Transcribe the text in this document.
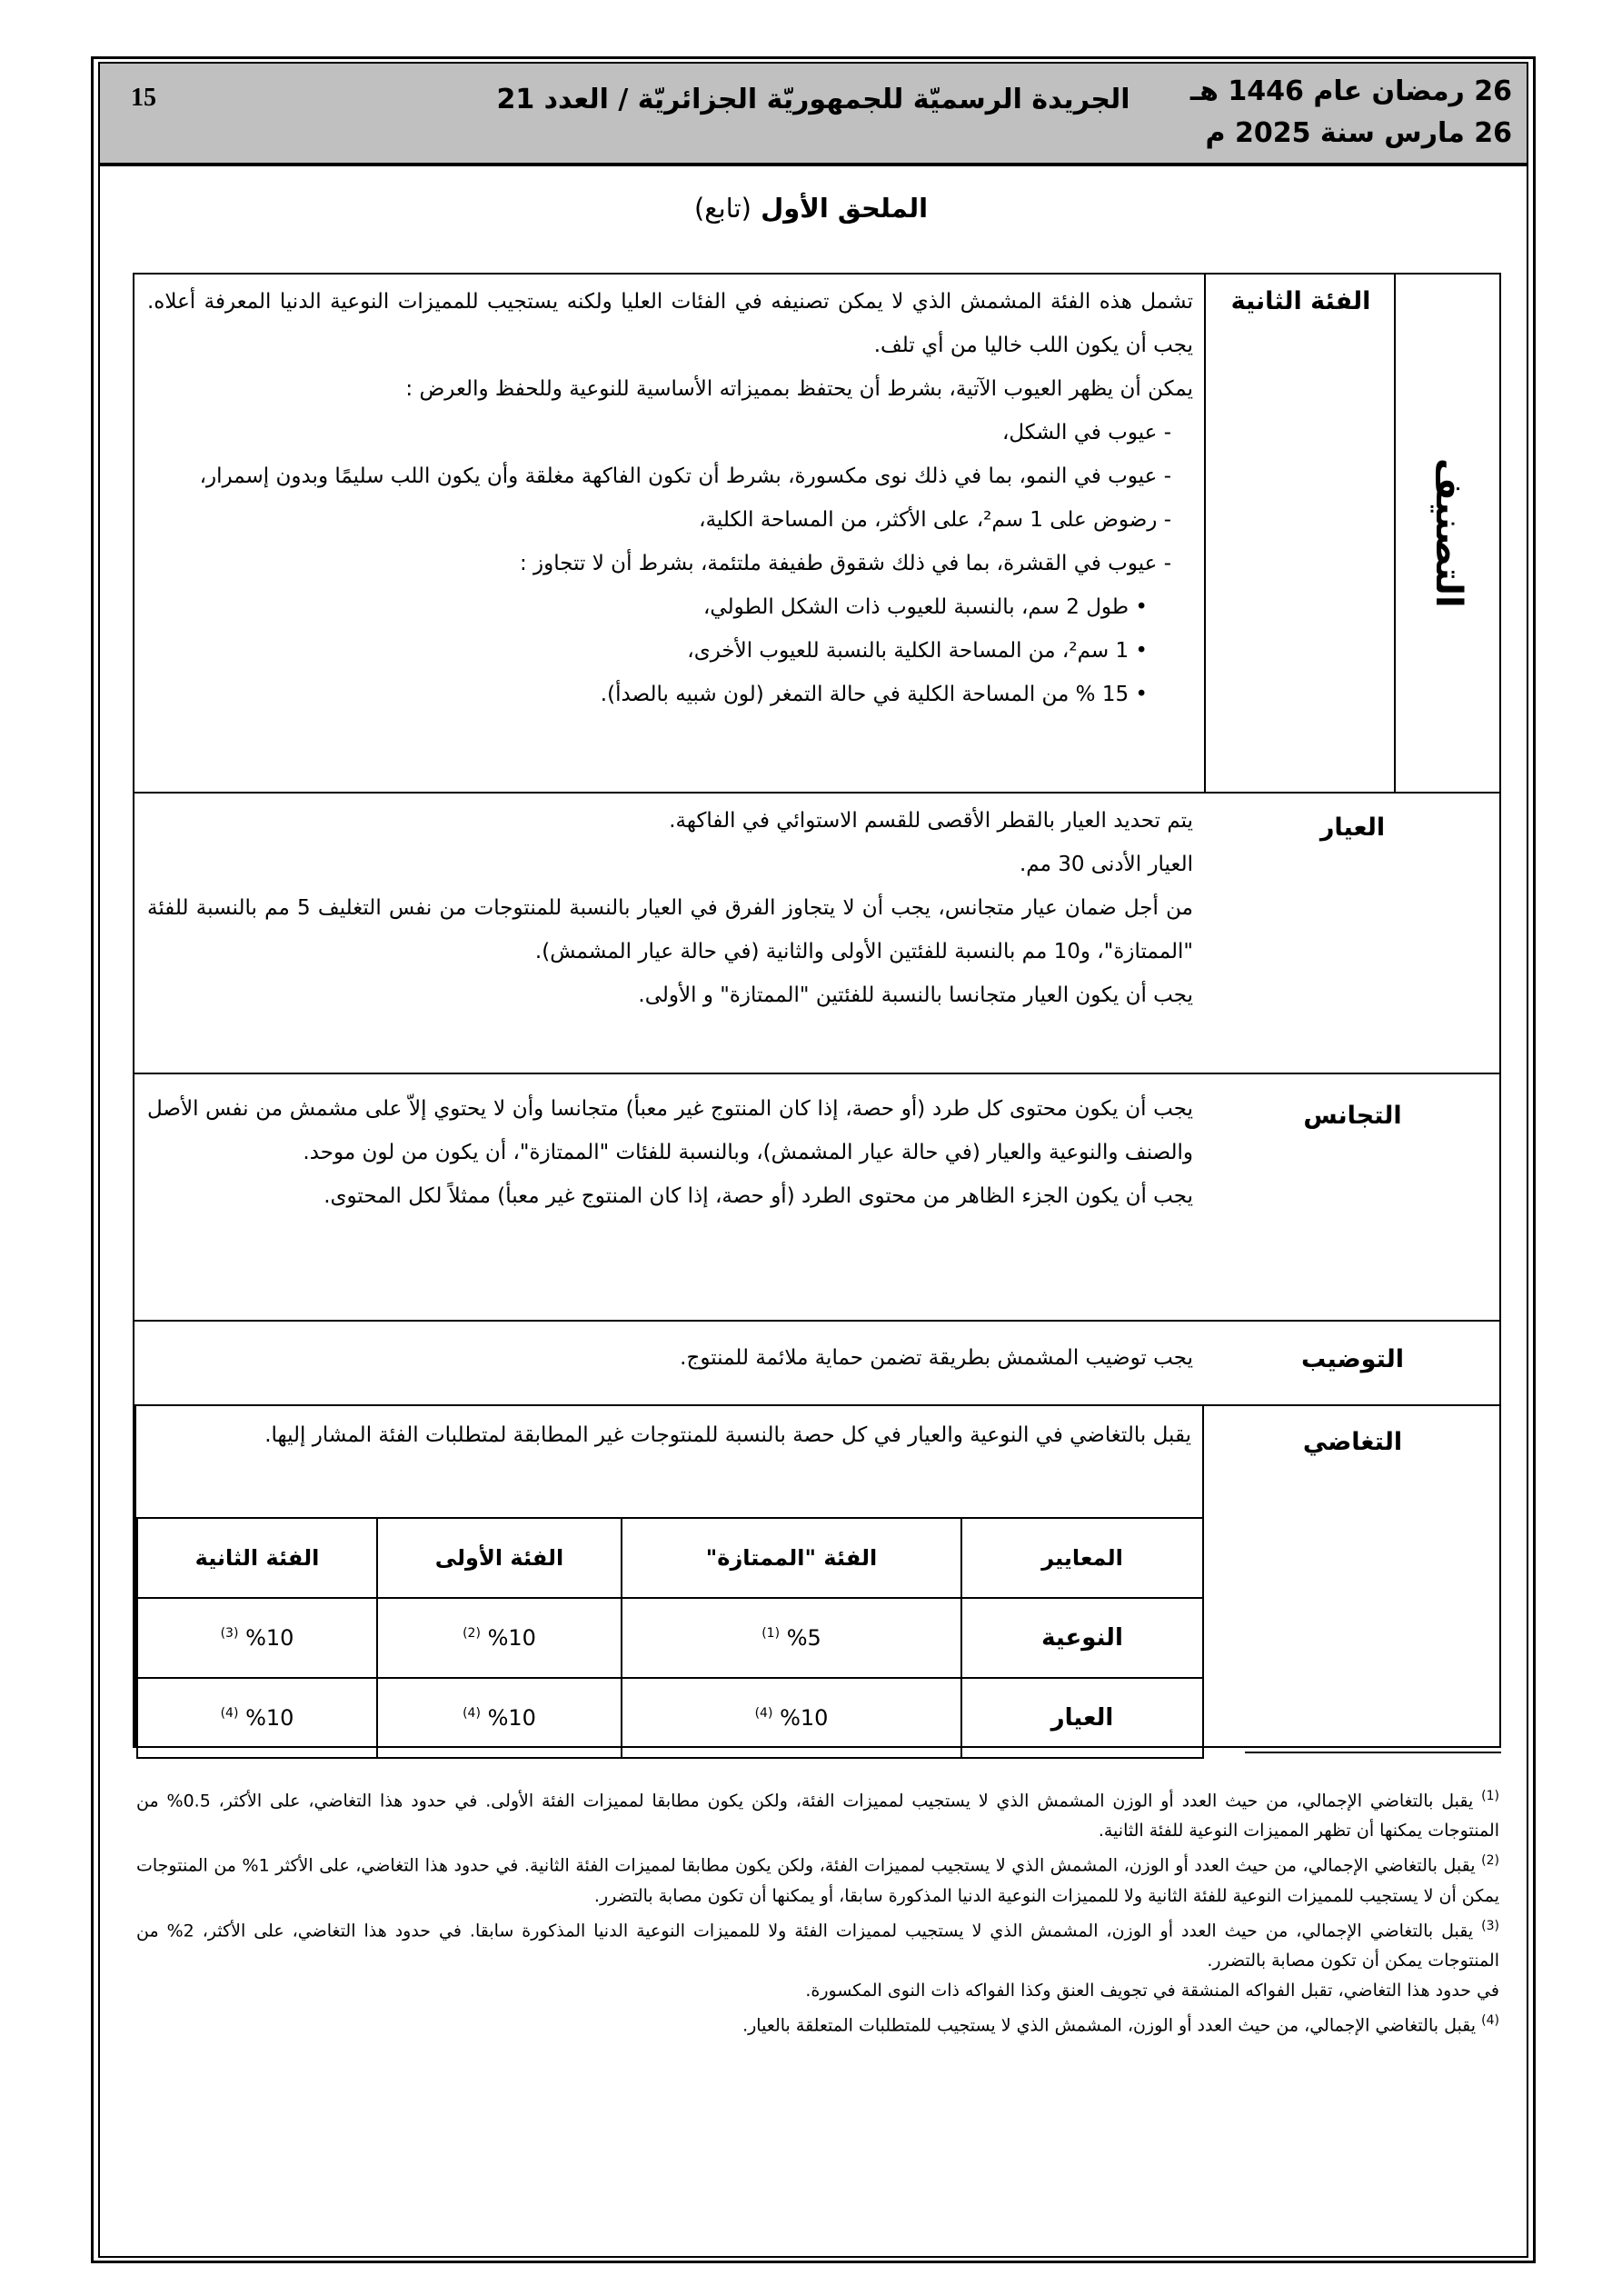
26 رمضان عام 1446 هـ
26 مارس سنة 2025 م
الجريدة الرسميّة للجمهوريّة الجزائريّة / العدد 21
15
الملحق الأول (تابع)
التصنيف
الفئة الثانية

تشمل هذه الفئة المشمش الذي لا يمكن تصنيفه في الفئات العليا ولكنه يستجيب للمميزات النوعية الدنيا المعرفة أعلاه. يجب أن يكون اللب خاليا من أي تلف.

يمكن أن يظهر العيوب الآتية، بشرط أن يحتفظ بمميزاته الأساسية للنوعية وللحفظ والعرض :

- عيوب في الشكل،

- عيوب في النمو، بما في ذلك نوى مكسورة، بشرط أن تكون الفاكهة مغلقة وأن يكون اللب سليمًا وبدون إسمرار،

- رضوض على 1 سم²، على الأكثر، من المساحة الكلية،

- عيوب في القشرة، بما في ذلك شقوق طفيفة ملتئمة، بشرط أن لا تتجاوز :

• طول 2 سم، بالنسبة للعيوب ذات الشكل الطولي،

• 1 سم²، من المساحة الكلية بالنسبة للعيوب الأخرى،

• 15 % من المساحة الكلية في حالة التمغر (لون شبيه بالصدأ).

العيار

يتم تحديد العيار بالقطر الأقصى للقسم الاستوائي في الفاكهة.

العيار الأدنى 30 مم.

من أجل ضمان عيار متجانس، يجب أن لا يتجاوز الفرق في العيار بالنسبة للمنتوجات من نفس التغليف 5 مم بالنسبة للفئة "الممتازة"، و10 مم بالنسبة للفئتين الأولى والثانية (في حالة عيار المشمش).

يجب أن يكون العيار متجانسا بالنسبة للفئتين "الممتازة" و الأولى.

التجانس

يجب أن يكون محتوى كل طرد (أو حصة، إذا كان المنتوج غير معبأ) متجانسا وأن لا يحتوي إلاّ على مشمش من نفس الأصل والصنف والنوعية والعيار (في حالة عيار المشمش)، وبالنسبة للفئات "الممتازة"، أن يكون من لون موحد.

يجب أن يكون الجزء الظاهر من محتوى الطرد (أو حصة، إذا كان المنتوج غير معبأ) ممثلاً لكل المحتوى.

التوضيب

يجب توضيب المشمش بطريقة تضمن حماية ملائمة للمنتوج.

التغاضي
يقبل بالتغاضي في النوعية والعيار في كل حصة بالنسبة للمنتوجات غير المطابقة لمتطلبات الفئة المشار إليها.
المعايير	الفئة "الممتازة"	الفئة الأولى	الفئة الثانية
النوعية	%5 $^{(1)}$	%10 $^{(2)}$	%10 $^{(3)}$
العيار	%10 $^{(4)}$	%10 $^{(4)}$	%10 $^{(4)}$

$^{(1)}$ يقبل بالتغاضي الإجمالي، من حيث العدد أو الوزن المشمش الذي لا يستجيب لمميزات الفئة، ولكن يكون مطابقا لمميزات الفئة الأولى. في حدود هذا التغاضي، على الأكثر، 0.5% من المنتوجات يمكنها أن تظهر المميزات النوعية للفئة الثانية.

$^{(2)}$ يقبل بالتغاضي الإجمالي، من حيث العدد أو الوزن، المشمش الذي لا يستجيب لمميزات الفئة، ولكن يكون مطابقا لمميزات الفئة الثانية. في حدود هذا التغاضي، على الأكثر 1% من المنتوجات يمكن أن لا يستجيب للمميزات النوعية للفئة الثانية ولا للمميزات النوعية الدنيا المذكورة سابقا، أو يمكنها أن تكون مصابة بالتضرر.

$^{(3)}$ يقبل بالتغاضي الإجمالي، من حيث العدد أو الوزن، المشمش الذي لا يستجيب لمميزات الفئة ولا للمميزات النوعية الدنيا المذكورة سابقا. في حدود هذا التغاضي، على الأكثر، 2% من المنتوجات يمكن أن تكون مصابة بالتضرر.

في حدود هذا التغاضي، تقبل الفواكه المنشقة في تجويف العنق وكذا الفواكه ذات النوى المكسورة.

$^{(4)}$ يقبل بالتغاضي الإجمالي، من حيث العدد أو الوزن، المشمش الذي لا يستجيب للمتطلبات المتعلقة بالعيار.
